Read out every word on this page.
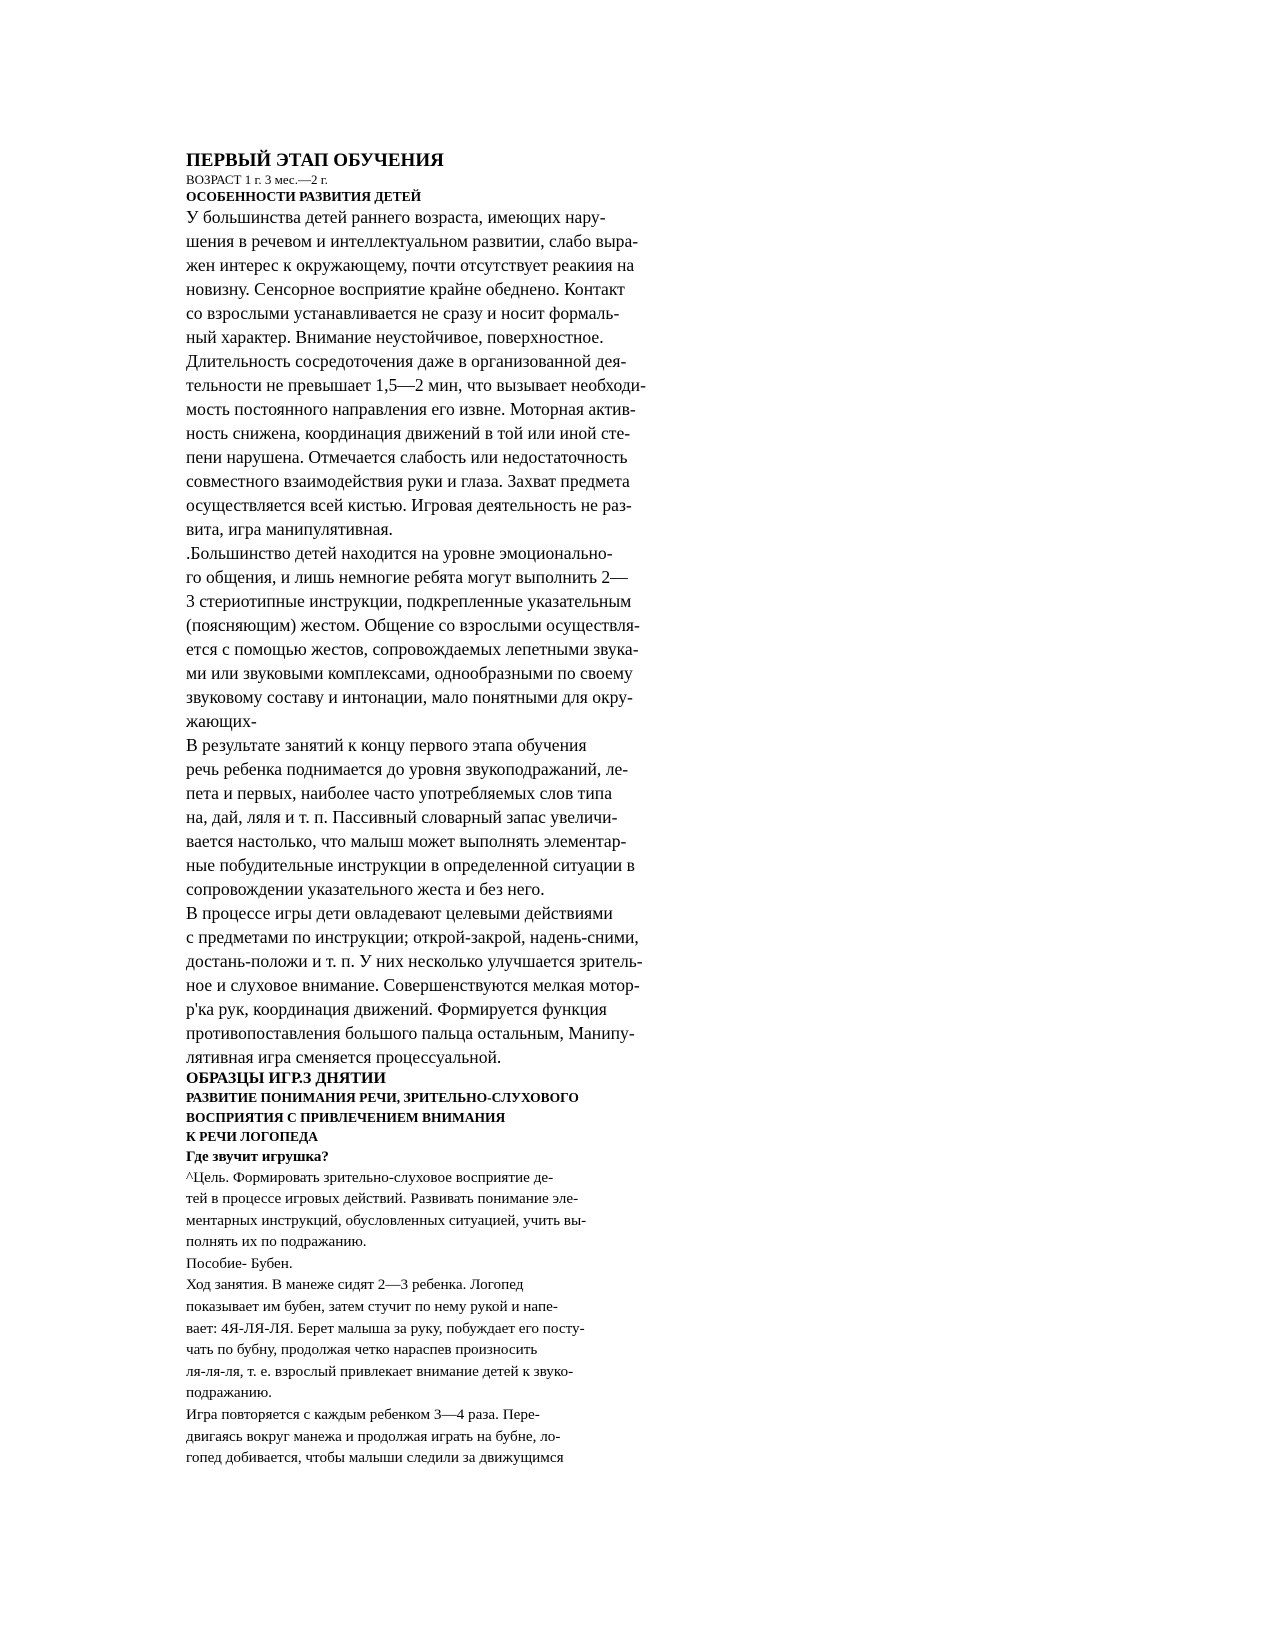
ПЕРВЫЙ ЭТАП ОБУЧЕНИЯ
ВОЗРАСТ 1 г. 3 мес.—2 г.
ОСОБЕННОСТИ РАЗВИТИЯ ДЕТЕЙ
У большинства детей раннего возраста, имеющих нару-
шения в речевом и интеллектуальном развитии, слабо выра-
жен интерес к окружающему, почти отсутствует реакиия на
новизну. Сенсорное восприятие крайне обеднено. Контакт
со взрослыми устанавливается не сразу и носит формаль-
ный характер. Внимание неустойчивое, поверхностное.
Длительность сосредоточения даже в организованной дея-
тельности не превышает 1,5—2 мин, что вызывает необходи-
мость постоянного направления его извне. Моторная актив-
ность снижена, координация движений в той или иной сте-
пени нарушена. Отмечается слабость или недостаточность
совместного взаимодействия руки и глаза. Захват предмета
осуществляется всей кистью. Игровая деятельность не раз-
вита, игра манипулятивная.
.Большинство детей находится на уровне эмоционально-
го общения, и лишь немногие ребята могут выполнить 2—
3 стериотипные инструкции, подкрепленные указательным
(поясняющим) жестом. Общение со взрослыми осуществля-
ется с помощью жестов, сопровождаемых лепетными звука-
ми или звуковыми комплексами, однообразными по своему
звуковому составу и интонации, мало понятными для окру-
жающих-
В результате занятий к концу первого этапа обучения
речь ребенка поднимается до уровня звукоподражаний, ле-
пета и первых, наиболее часто употребляемых слов типа
на, дай, ляля и т. п. Пассивный словарный запас увеличи-
вается настолько, что малыш может выполнять элементар-
ные побудительные инструкции в определенной ситуации в
сопровождении указательного жеста и без него.
В процессе игры дети овладевают целевыми действиями
с предметами по инструкции; открой-закрой, надень-сними,
достань-положи и т. п. У них несколько улучшается зритель-
ное и слуховое внимание. Совершенствуются мелкая мотор-
р'ка рук, координация движений. Формируется функция
противопоставления большого пальца остальным, Манипу-
лятивная игра сменяется процессуальной.
ОБРАЗЦЫ ИГР.З ДНЯТИИ
РАЗВИТИЕ ПОНИМАНИЯ РЕЧИ, ЗРИТЕЛЬНО-СЛУХОВОГО
ВОСПРИЯТИЯ С ПРИВЛЕЧЕНИЕМ ВНИМАНИЯ
К РЕЧИ ЛОГОПЕДА
Где звучит игрушка?
^Цель. Формировать зрительно-слуховое восприятие де-
тей в процессе игровых действий. Развивать понимание эле-
ментарных инструкций, обусловленных ситуацией, учить вы-
полнять их по подражанию.
Пособие- Бубен.
Ход занятия. В манеже сидят 2—3 ребенка. Логопед
показывает им бубен, затем стучит по нему рукой и напе-
вает: 4Я-ЛЯ-ЛЯ. Берет малыша за руку, побуждает его посту-
чать по бубну, продолжая четко нараспев произносить
ля-ля-ля, т. е. взрослый привлекает внимание детей к звуко-
подражанию.
Игра повторяется с каждым ребенком 3—4 раза. Пере-
двигаясь вокруг манежа и продолжая играть на бубне, ло-
гопед добивается, чтобы малыши следили за движущимся
